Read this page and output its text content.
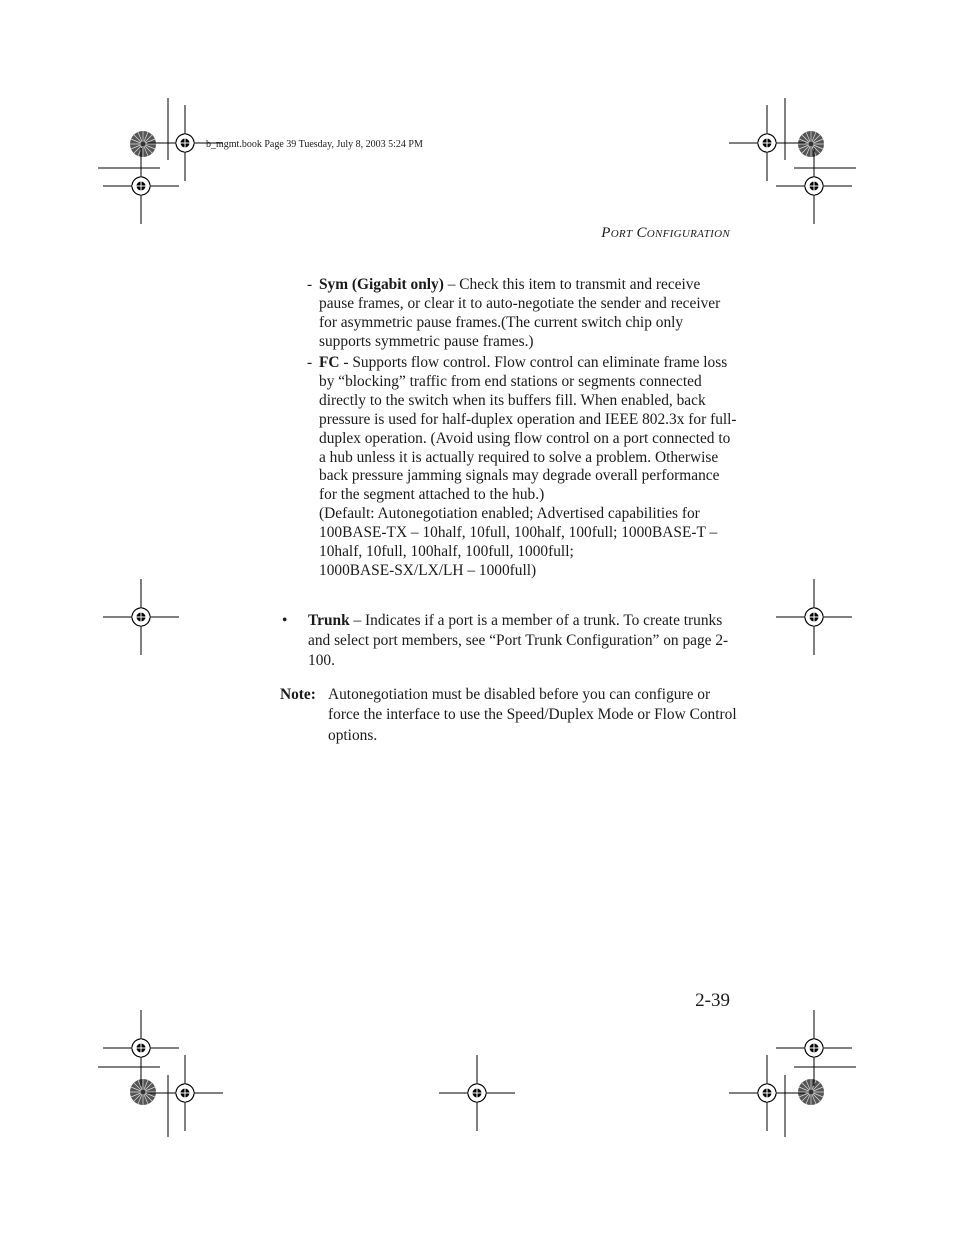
b_mgmt.book Page 39 Tuesday, July 8, 2003 5:24 PM
PORT CONFIGURATION
- Sym (Gigabit only) – Check this item to transmit and receive pause frames, or clear it to auto-negotiate the sender and receiver for asymmetric pause frames.(The current switch chip only supports symmetric pause frames.)
- FC - Supports flow control. Flow control can eliminate frame loss by “blocking” traffic from end stations or segments connected directly to the switch when its buffers fill. When enabled, back pressure is used for half-duplex operation and IEEE 802.3x for full-duplex operation. (Avoid using flow control on a port connected to a hub unless it is actually required to solve a problem. Otherwise back pressure jamming signals may degrade overall performance for the segment attached to the hub.)
(Default: Autonegotiation enabled; Advertised capabilities for
100BASE-TX – 10half, 10full, 100half, 100full; 1000BASE-T –
10half, 10full, 100half, 100full, 1000full;
1000BASE-SX/LX/LH – 1000full)
• Trunk – Indicates if a port is a member of a trunk. To create trunks and select port members, see “Port Trunk Configuration” on page 2-100.
Note: Autonegotiation must be disabled before you can configure or force the interface to use the Speed/Duplex Mode or Flow Control options.
2-39
